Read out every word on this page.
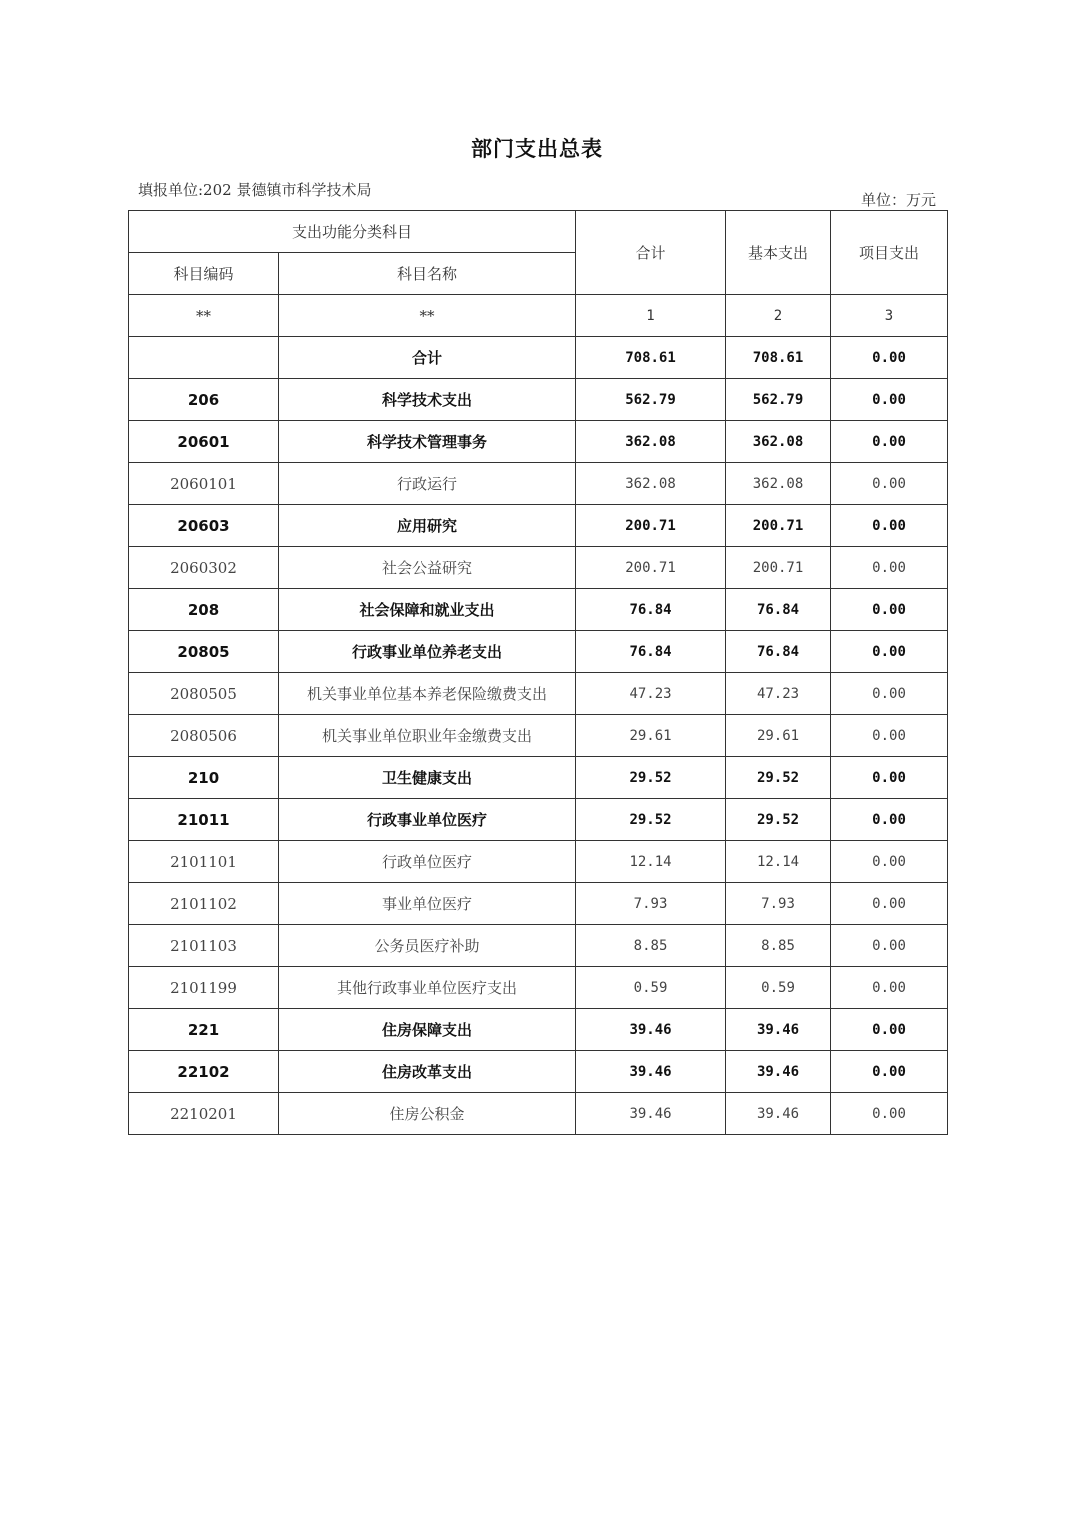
部门支出总表
填报单位:202 景德镇市科学技术局
单位：万元
支出功能分类科目		合计	基本支出	项目支出
科目编码	科目名称			
**	**	1	2	3
	合计	708.61	708.61	0.00
206	科学技术支出	562.79	562.79	0.00
20601	科学技术管理事务	362.08	362.08	0.00
2060101	行政运行	362.08	362.08	0.00
20603	应用研究	200.71	200.71	0.00
2060302	社会公益研究	200.71	200.71	0.00
208	社会保障和就业支出	76.84	76.84	0.00
20805	行政事业单位养老支出	76.84	76.84	0.00
2080505	机关事业单位基本养老保险缴费支出	47.23	47.23	0.00
2080506	机关事业单位职业年金缴费支出	29.61	29.61	0.00
210	卫生健康支出	29.52	29.52	0.00
21011	行政事业单位医疗	29.52	29.52	0.00
2101101	行政单位医疗	12.14	12.14	0.00
2101102	事业单位医疗	7.93	7.93	0.00
2101103	公务员医疗补助	8.85	8.85	0.00
2101199	其他行政事业单位医疗支出	0.59	0.59	0.00
221	住房保障支出	39.46	39.46	0.00
22102	住房改革支出	39.46	39.46	0.00
2210201	住房公积金	39.46	39.46	0.00
